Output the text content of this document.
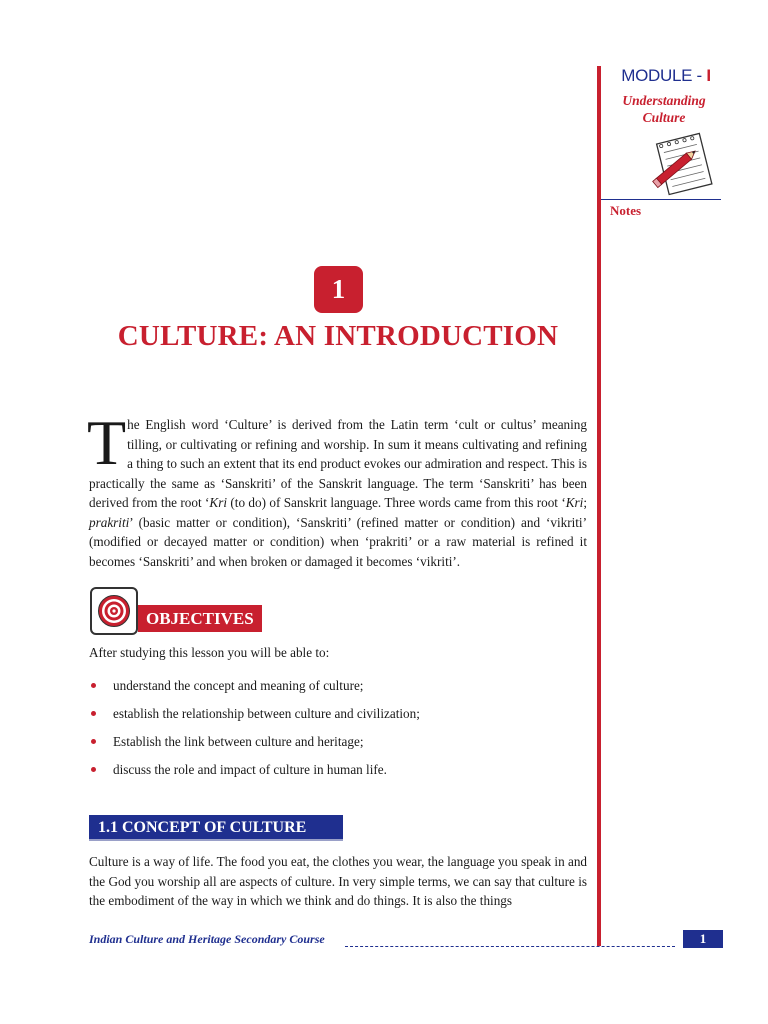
MODULE - I
Understanding
Culture
Notes
1
CULTURE: AN INTRODUCTION
T he English word ‘Culture’ is derived from the Latin term ‘cult or cultus’ meaning tilling, or cultivating or refining and worship. In sum it means cultivating and refining a thing to such an extent that its end product evokes our admiration and respect. This is practically the same as ‘Sanskriti’ of the Sanskrit language. The term ‘Sanskriti’ has been derived from the root ‘Kri (to do) of Sanskrit language. Three words came from this root ‘Kri; prakriti’ (basic matter or condition), ‘Sanskriti’ (refined matter or condition) and ‘vikriti’ (modified or decayed matter or condition) when ‘prakriti’ or a raw material is refined it becomes ‘Sanskriti’ and when broken or damaged it becomes ‘vikriti’.

OBJECTIVES
After studying this lesson you will be able to:
understand the concept and meaning of culture;
establish the relationship between culture and civilization;
Establish the link between culture and heritage;
discuss the role and impact of culture in human life.
1.1 CONCEPT OF CULTURE

Culture is a way of life. The food you eat, the clothes you wear, the language you speak in and the God you worship all are aspects of culture. In very simple terms, we can say that culture is the embodiment of the way in which we think and do things. It is also the things

Indian Culture and Heritage Secondary Course	1
